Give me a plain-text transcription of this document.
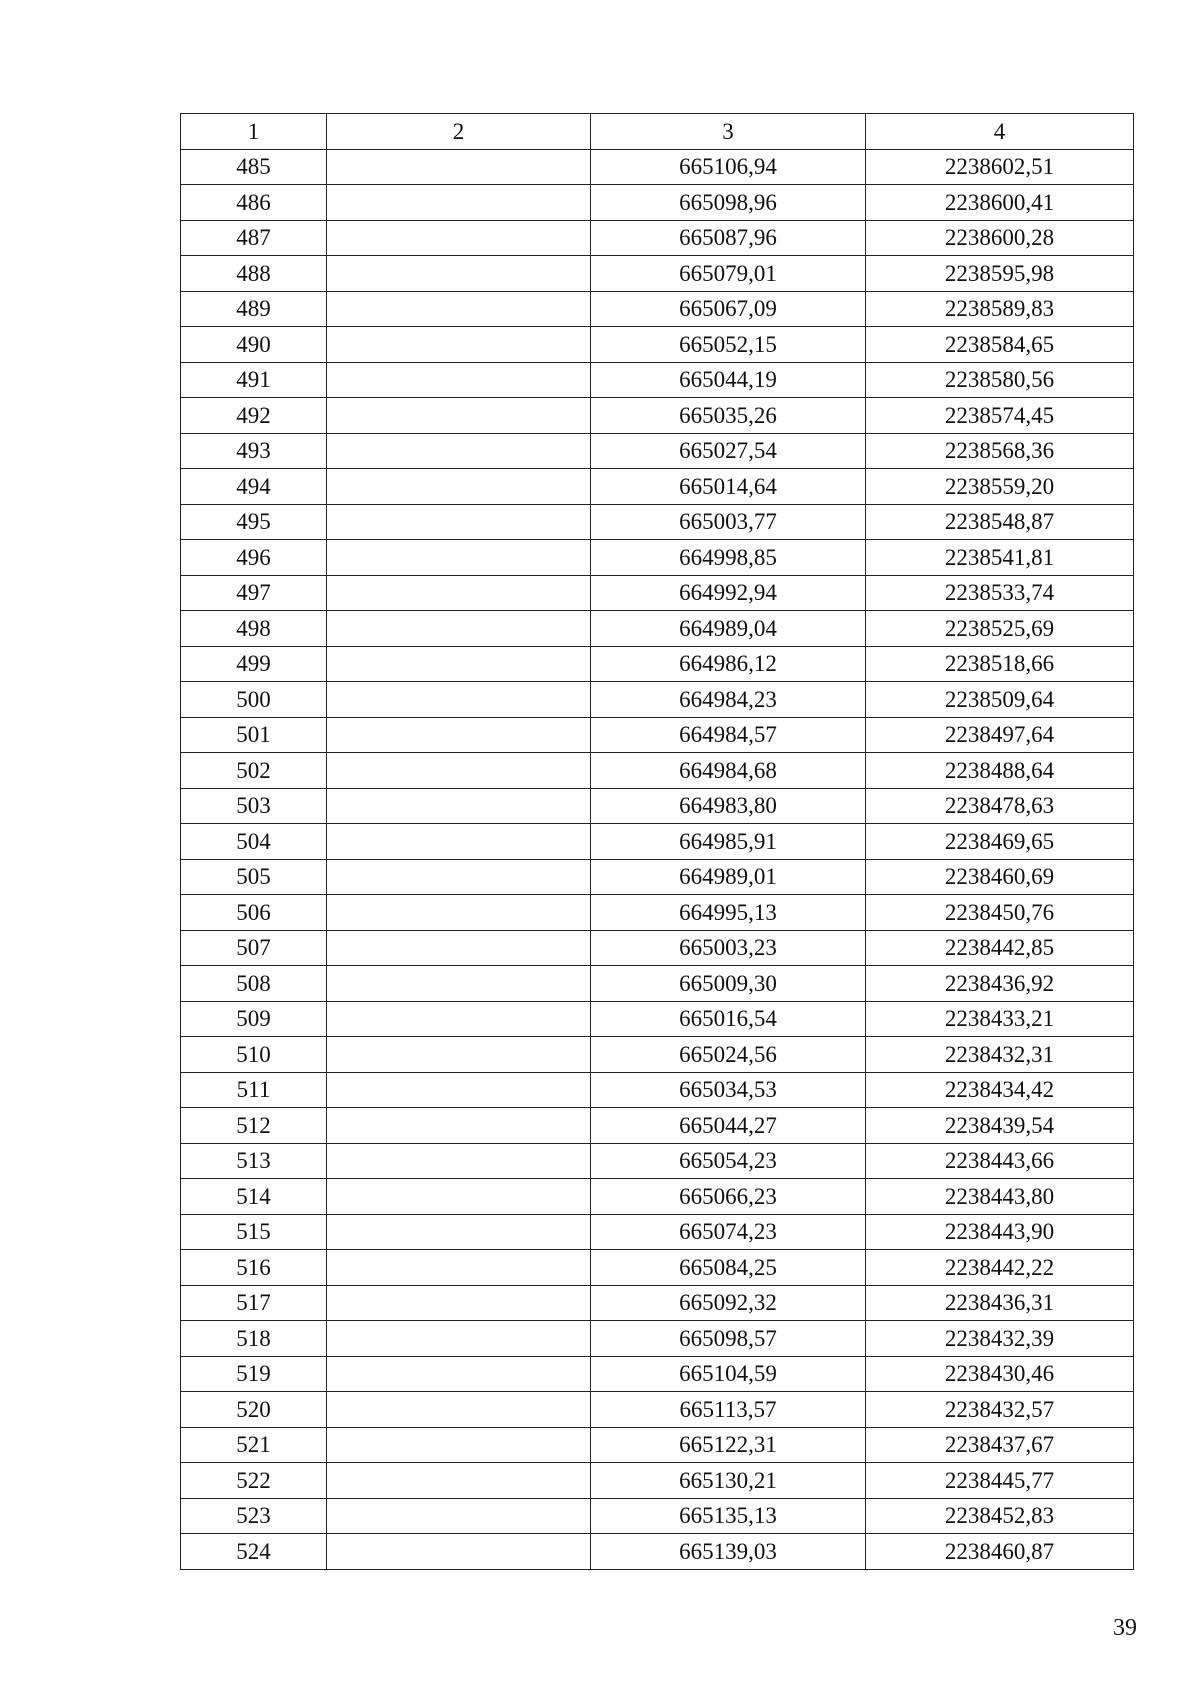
1	2	3	4
485		665106,94	2238602,51
486		665098,96	2238600,41
487		665087,96	2238600,28
488		665079,01	2238595,98
489		665067,09	2238589,83
490		665052,15	2238584,65
491		665044,19	2238580,56
492		665035,26	2238574,45
493		665027,54	2238568,36
494		665014,64	2238559,20
495		665003,77	2238548,87
496		664998,85	2238541,81
497		664992,94	2238533,74
498		664989,04	2238525,69
499		664986,12	2238518,66
500		664984,23	2238509,64
501		664984,57	2238497,64
502		664984,68	2238488,64
503		664983,80	2238478,63
504		664985,91	2238469,65
505		664989,01	2238460,69
506		664995,13	2238450,76
507		665003,23	2238442,85
508		665009,30	2238436,92
509		665016,54	2238433,21
510		665024,56	2238432,31
511		665034,53	2238434,42
512		665044,27	2238439,54
513		665054,23	2238443,66
514		665066,23	2238443,80
515		665074,23	2238443,90
516		665084,25	2238442,22
517		665092,32	2238436,31
518		665098,57	2238432,39
519		665104,59	2238430,46
520		665113,57	2238432,57
521		665122,31	2238437,67
522		665130,21	2238445,77
523		665135,13	2238452,83
524		665139,03	2238460,87
39
